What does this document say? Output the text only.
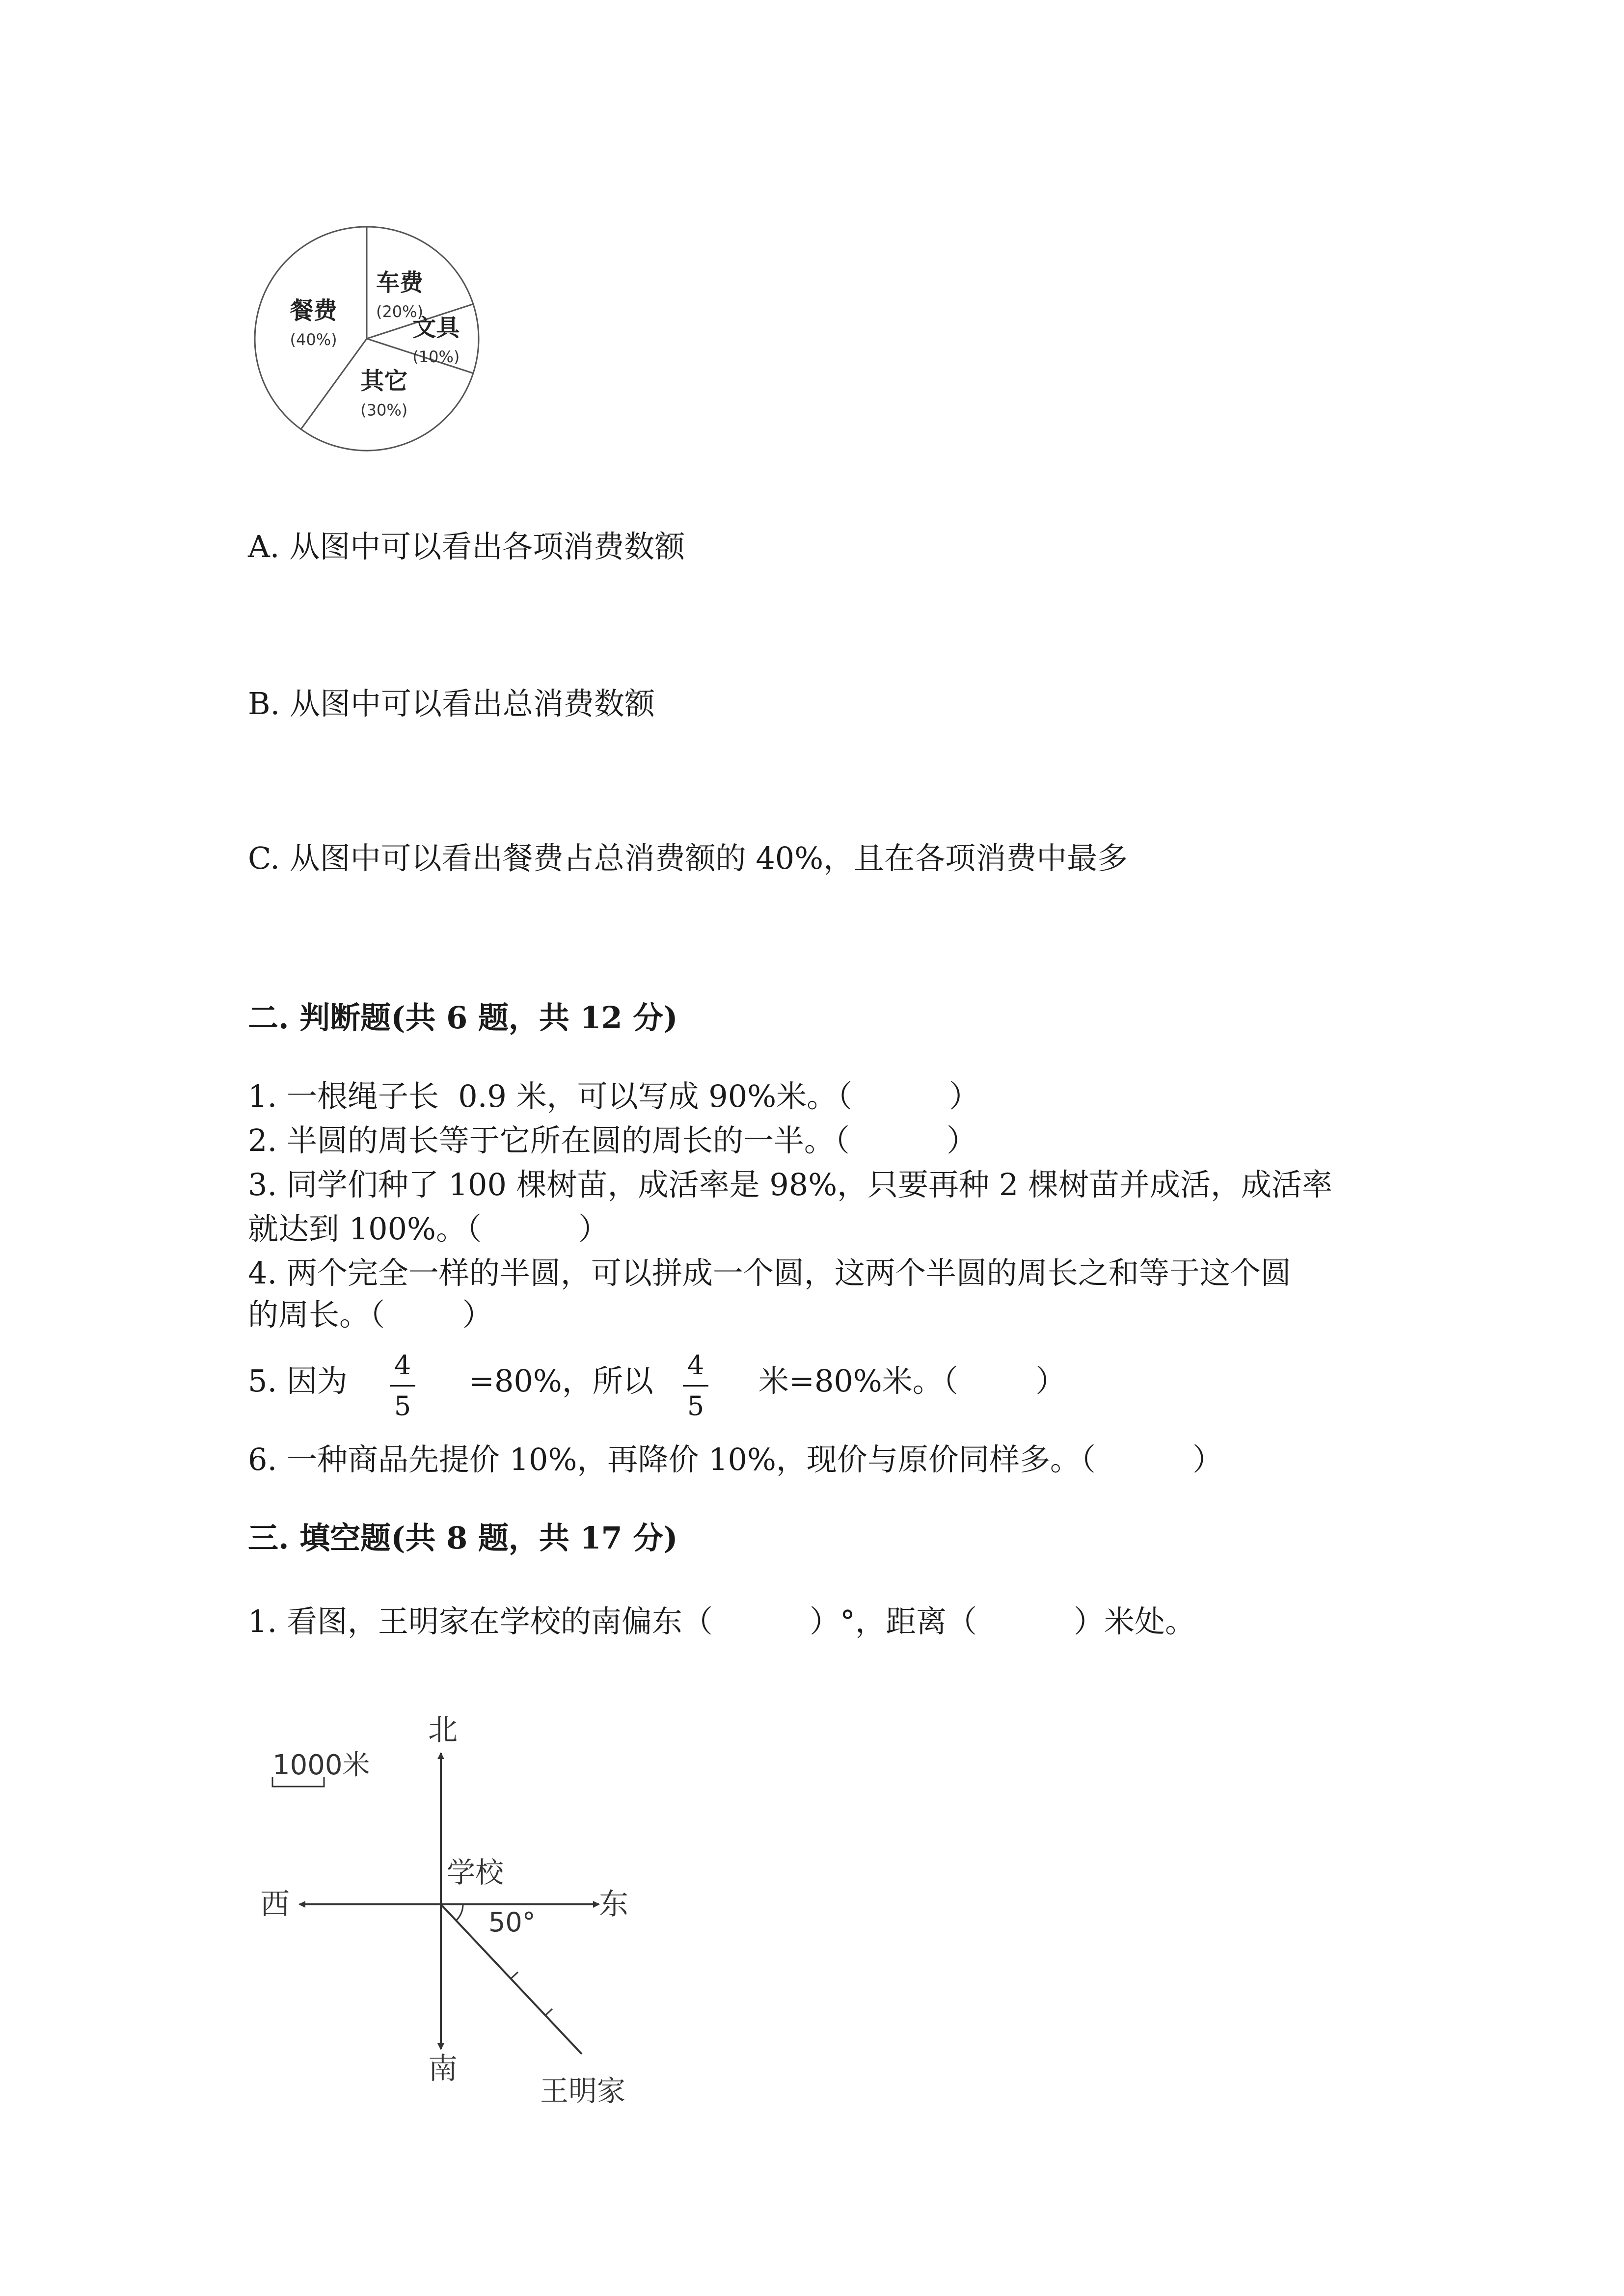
车费
(20%)
文具
(10%)
其它
(30%)
餐费
(40%)
A. 从图中可以看出各项消费数额
B. 从图中可以看出总消费数额
C. 从图中可以看出餐费占总消费额的 40%，且在各项消费中最多
二. 判断题(共 6 题，共 12 分)
1. 一根绳子长  0.9 米，可以写成 90%米。（          ）
2. 半圆的周长等于它所在圆的周长的一半。（          ）
3. 同学们种了 100 棵树苗，成活率是 98%，只要再种 2 棵树苗并成活，成活率
就达到 100%。（          ）
4. 两个完全一样的半圆，可以拼成一个圆，这两个半圆的周长之和等于这个圆
的周长。（        ）
5. 因为 4
5
=80%，所以 4
5
米=80%米。（        ）
6. 一种商品先提价 10%，再降价 10%，现价与原价同样多。（          ）
三. 填空题(共 8 题，共 17 分)
1. 看图，王明家在学校的南偏东（          ）°，距离（          ）米处。
1000米
北
南
东
西
学校
50°
王明家
